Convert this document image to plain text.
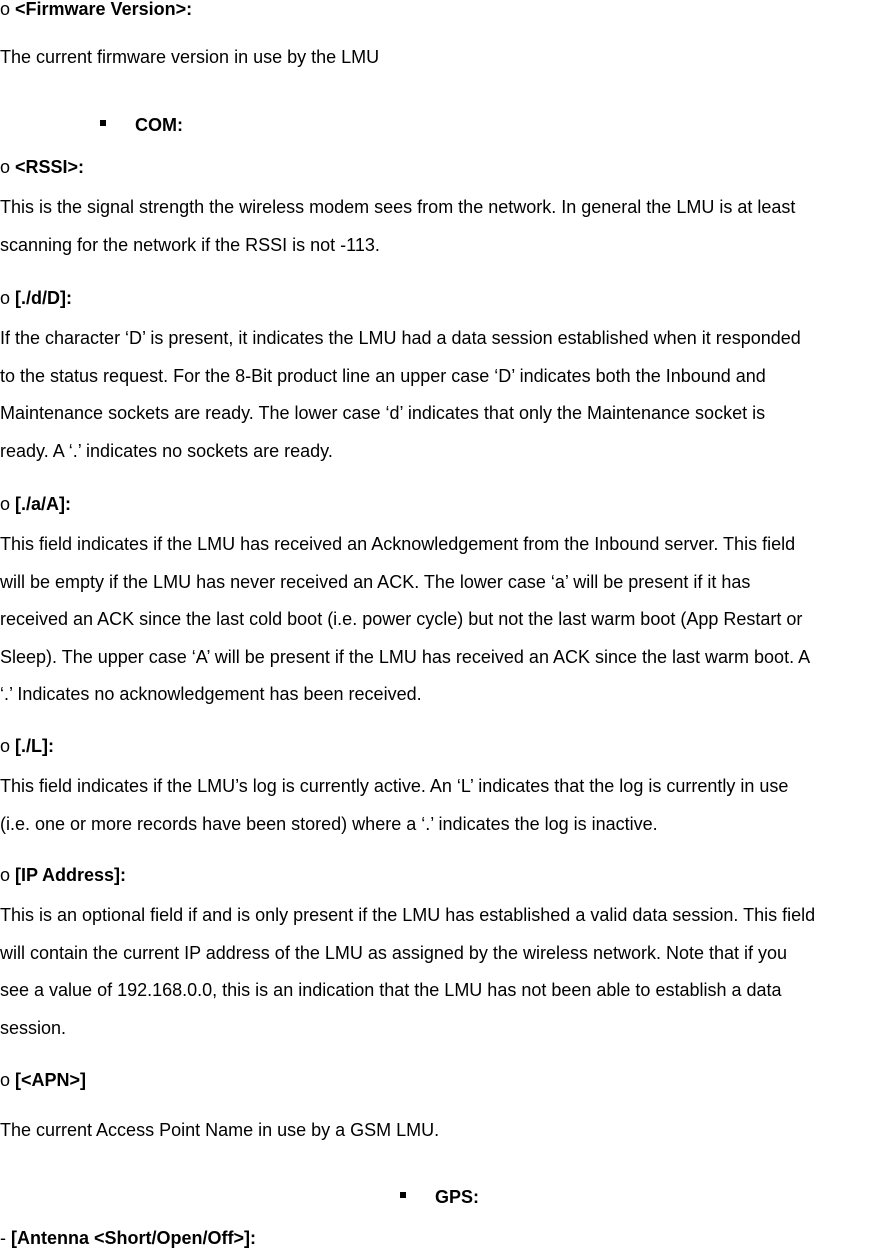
o <Firmware Version>:
The current firmware version in use by the LMU
COM:
o <RSSI>:
This is the signal strength the wireless modem sees from the network. In general the LMU is at least
scanning for the network if the RSSI is not -113.
o [./d/D]:
If the character ‘D’ is present, it indicates the LMU had a data session established when it responded
to the status request. For the 8-Bit product line an upper case ‘D’ indicates both the Inbound and
Maintenance sockets are ready. The lower case ‘d’ indicates that only the Maintenance socket is
ready. A ‘.’ indicates no sockets are ready.
o [./a/A]:
This field indicates if the LMU has received an Acknowledgement from the Inbound server. This field
will be empty if the LMU has never received an ACK. The lower case ‘a’ will be present if it has
received an ACK since the last cold boot (i.e. power cycle) but not the last warm boot (App Restart or
Sleep). The upper case ‘A’ will be present if the LMU has received an ACK since the last warm boot. A
‘.’ Indicates no acknowledgement has been received.
o [./L]:
This field indicates if the LMU’s log is currently active. An ‘L’ indicates that the log is currently in use
(i.e. one or more records have been stored) where a ‘.’ indicates the log is inactive.
o [IP Address]:
This is an optional field if and is only present if the LMU has established a valid data session. This field
will contain the current IP address of the LMU as assigned by the wireless network. Note that if you
see a value of 192.168.0.0, this is an indication that the LMU has not been able to establish a data
session.
o [<APN>]
The current Access Point Name in use by a GSM LMU.
GPS:
- [Antenna <Short/Open/Off>]:
